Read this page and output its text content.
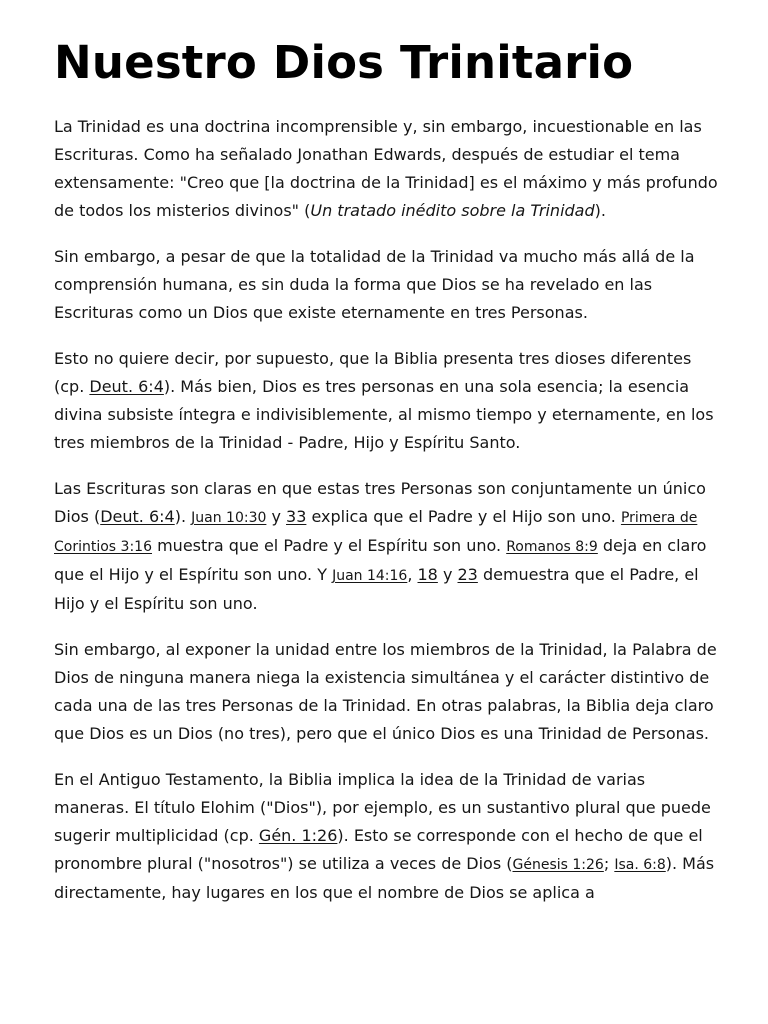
Nuestro Dios Trinitario

La Trinidad es una doctrina incomprensible y, sin embargo, incuestionable en las Escrituras. Como ha señalado Jonathan Edwards, después de estudiar el tema extensamente: "Creo que [la doctrina de la Trinidad] es el máximo y más profundo de todos los misterios divinos" (Un tratado inédito sobre la Trinidad).

Sin embargo, a pesar de que la totalidad de la Trinidad va mucho más allá de la comprensión humana, es sin duda la forma que Dios se ha revelado en las Escrituras como un Dios que existe eternamente en tres Personas.

Esto no quiere decir, por supuesto, que la Biblia presenta tres dioses diferentes (cp. Deut. 6:4). Más bien, Dios es tres personas en una sola esencia; la esencia divina subsiste íntegra e indivisiblemente, al mismo tiempo y eternamente, en los tres miembros de la Trinidad - Padre, Hijo y Espíritu Santo.

Las Escrituras son claras en que estas tres Personas son conjuntamente un único Dios (Deut. 6:4). Juan 10:30 y 33 explica que el Padre y el Hijo son uno. Primera de Corintios 3:16 muestra que el Padre y el Espíritu son uno. Romanos 8:9 deja en claro que el Hijo y el Espíritu son uno. Y Juan 14:16, 18 y 23 demuestra que el Padre, el Hijo y el Espíritu son uno.

Sin embargo, al exponer la unidad entre los miembros de la Trinidad, la Palabra de Dios de ninguna manera niega la existencia simultánea y el carácter distintivo de cada una de las tres Personas de la Trinidad. En otras palabras, la Biblia deja claro que Dios es un Dios (no tres), pero que el único Dios es una Trinidad de Personas.

En el Antiguo Testamento, la Biblia implica la idea de la Trinidad de varias maneras. El título Elohim ("Dios"), por ejemplo, es un sustantivo plural que puede sugerir multiplicidad (cp. Gén. 1:26). Esto se corresponde con el hecho de que el pronombre plural ("nosotros") se utiliza a veces de Dios (Génesis 1:26; Isa. 6:8). Más directamente, hay lugares en los que el nombre de Dios se aplica a
